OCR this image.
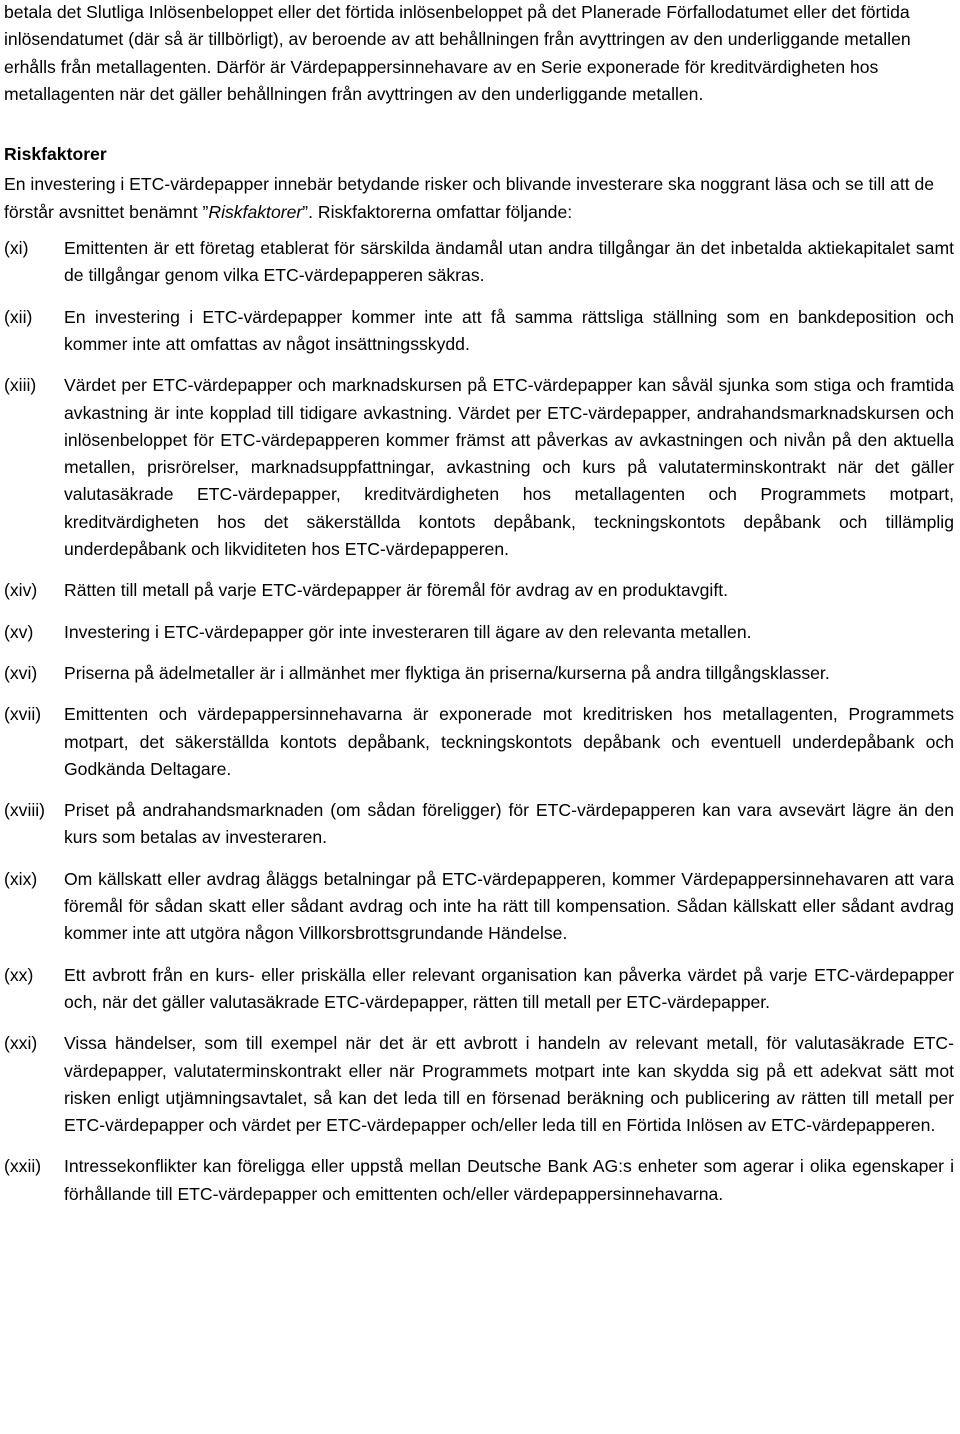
betala det Slutliga Inlösenbeloppet eller det förtida inlösenbeloppet på det Planerade Förfallodatumet eller det förtida inlösendatumet (där så är tillbörligt), av beroende av att behållningen från avyttringen av den underliggande metallen erhålls från metallagenten. Därför är Värdepappersinnehavare av en Serie exponerade för kreditvärdigheten hos metallagenten när det gäller behållningen från avyttringen av den underliggande metallen.

Riskfaktorer

En investering i ETC-värdepapper innebär betydande risker och blivande investerare ska noggrant läsa och se till att de förstår avsnittet benämnt ”Riskfaktorer”. Riskfaktorerna omfattar följande:

(xi)	Emittenten är ett företag etablerat för särskilda ändamål utan andra tillgångar än det inbetalda aktiekapitalet samt de tillgångar genom vilka ETC-värdepapperen säkras.
(xii)	En investering i ETC-värdepapper kommer inte att få samma rättsliga ställning som en bankdeposition och kommer inte att omfattas av något insättningsskydd.
(xiii)	Värdet per ETC-värdepapper och marknadskursen på ETC-värdepapper kan såväl sjunka som stiga och framtida avkastning är inte kopplad till tidigare avkastning. Värdet per ETC-värdepapper, andrahandsmarknadskursen och inlösenbeloppet för ETC-värdepapperen kommer främst att påverkas av avkastningen och nivån på den aktuella metallen, prisrörelser, marknadsuppfattningar, avkastning och kurs på valutaterminskontrakt när det gäller valutasäkrade ETC-värdepapper, kreditvärdigheten hos metallagenten och Programmets motpart, kreditvärdigheten hos det säkerställda kontots depåbank, teckningskontots depåbank och tillämplig underdepåbank och likviditeten hos ETC-värdepapperen.
(xiv)	Rätten till metall på varje ETC-värdepapper är föremål för avdrag av en produktavgift.
(xv)	Investering i ETC-värdepapper gör inte investeraren till ägare av den relevanta metallen.
(xvi)	Priserna på ädelmetaller är i allmänhet mer flyktiga än priserna/kurserna på andra tillgångsklasser.
(xvii)	Emittenten och värdepappersinnehavarna är exponerade mot kreditrisken hos metallagenten, Programmets motpart, det säkerställda kontots depåbank, teckningskontots depåbank och eventuell underdepåbank och Godkända Deltagare.
(xviii)	Priset på andrahandsmarknaden (om sådan föreligger) för ETC-värdepapperen kan vara avsevärt lägre än den kurs som betalas av investeraren.
(xix)	Om källskatt eller avdrag åläggs betalningar på ETC-värdepapperen, kommer Värdepappersinnehavaren att vara föremål för sådan skatt eller sådant avdrag och inte ha rätt till kompensation. Sådan källskatt eller sådant avdrag kommer inte att utgöra någon Villkorsbrottsgrundande Händelse.
(xx)	Ett avbrott från en kurs- eller priskälla eller relevant organisation kan påverka värdet på varje ETC-värdepapper och, när det gäller valutasäkrade ETC-värdepapper, rätten till metall per ETC-värdepapper.
(xxi)	Vissa händelser, som till exempel när det är ett avbrott i handeln av relevant metall, för valutasäkrade ETC-värdepapper, valutaterminskontrakt eller när Programmets motpart inte kan skydda sig på ett adekvat sätt mot risken enligt utjämningsavtalet, så kan det leda till en försenad beräkning och publicering av rätten till metall per ETC-värdepapper och värdet per ETC-värdepapper och/eller leda till en Förtida Inlösen av ETC-värdepapperen.
(xxii)	Intressekonflikter kan föreligga eller uppstå mellan Deutsche Bank AG:s enheter som agerar i olika egenskaper i förhållande till ETC-värdepapper och emittenten och/eller värdepappersinnehavarna.
